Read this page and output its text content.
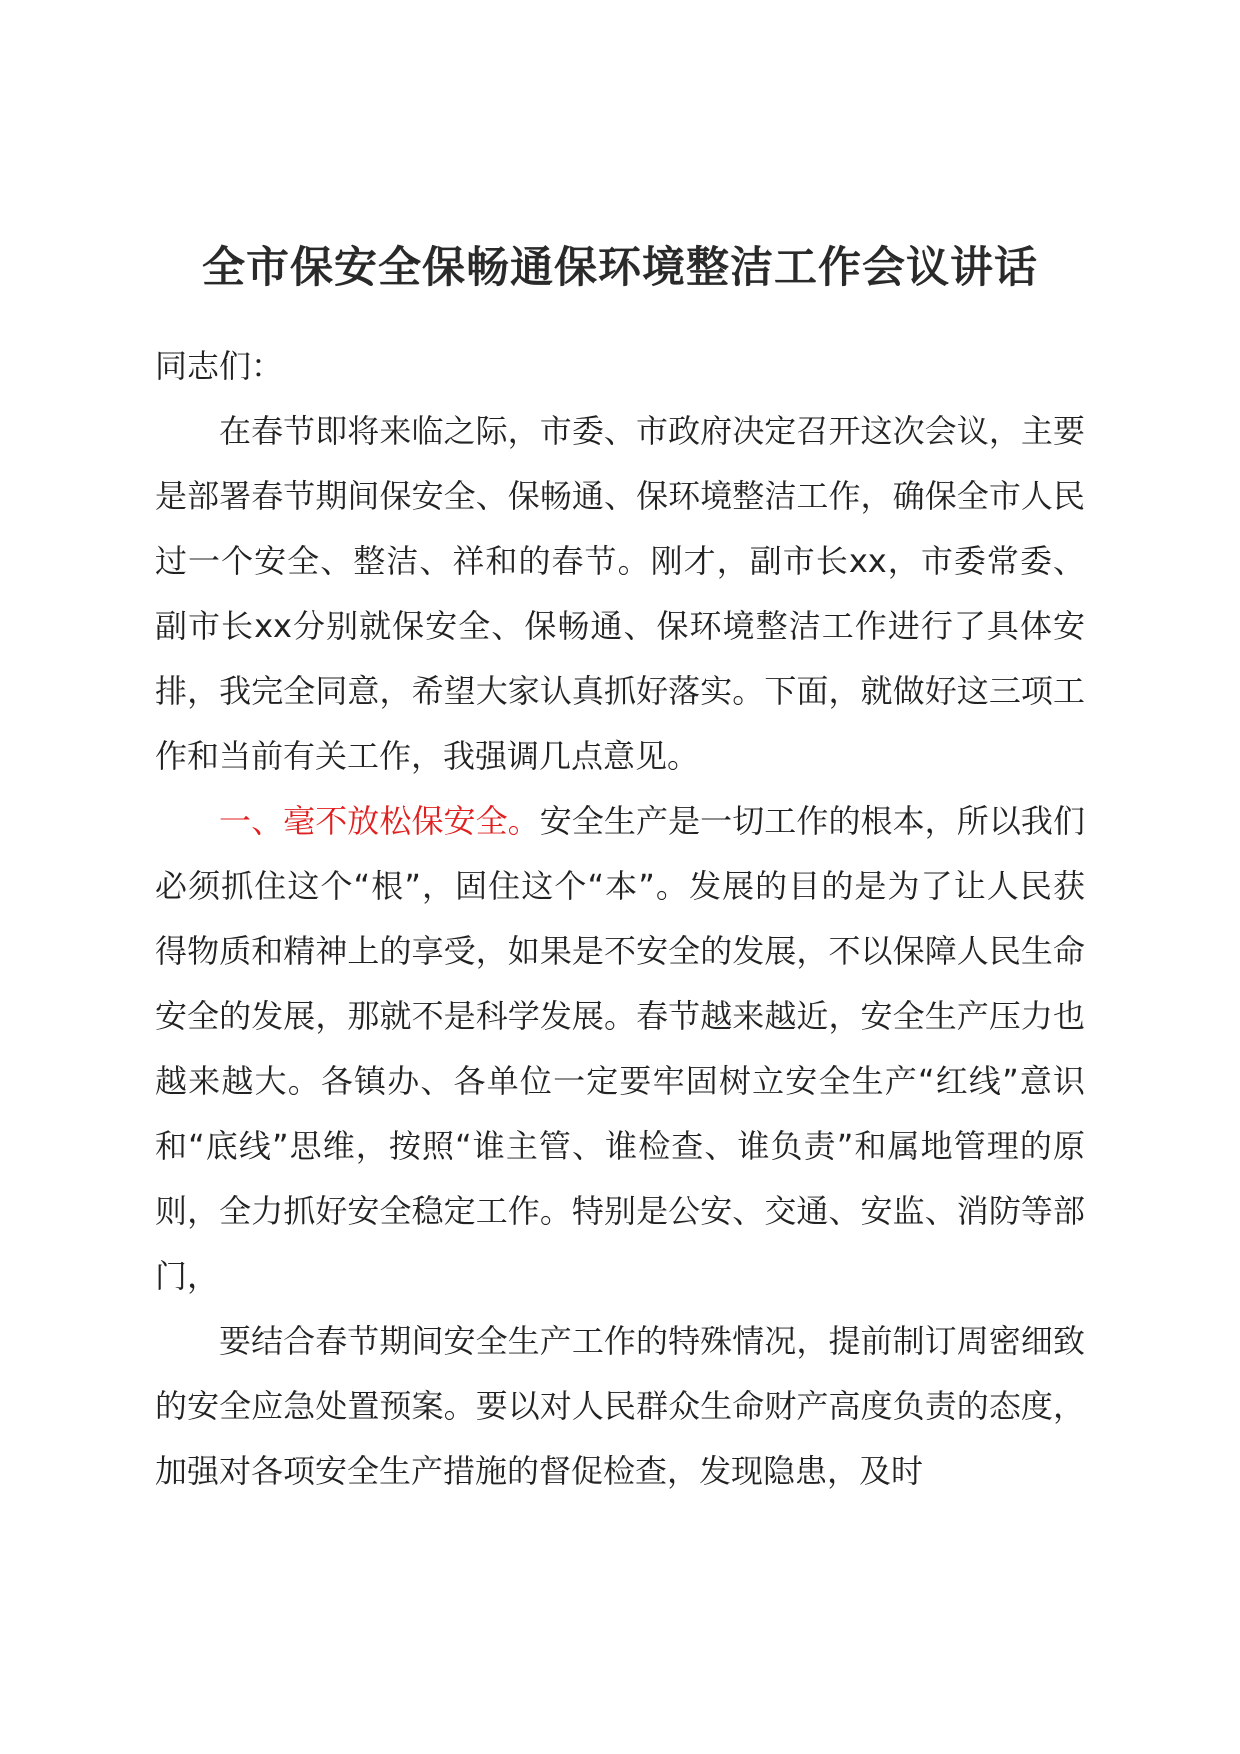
全市保安全保畅通保环境整洁工作会议讲话

同志们：

在春节即将来临之际，市委、市政府决定召开这次会议，主要是部署春节期间保安全、保畅通、保环境整洁工作，确保全市人民过一个安全、整洁、祥和的春节。刚才，副市长xx，市委常委、副市长xx分别就保安全、保畅通、保环境整洁工作进行了具体安排，我完全同意，希望大家认真抓好落实。下面，就做好这三项工作和当前有关工作，我强调几点意见。

一、毫不放松保安全。安全生产是一切工作的根本，所以我们必须抓住这个“根”，固住这个“本”。发展的目的是为了让人民获得物质和精神上的享受，如果是不安全的发展，不以保障人民生命安全的发展，那就不是科学发展。春节越来越近，安全生产压力也越来越大。各镇办、各单位一定要牢固树立安全生产“红线”意识和“底线”思维，按照“谁主管、谁检查、谁负责”和属地管理的原则，全力抓好安全稳定工作。特别是公安、交通、安监、消防等部门，

要结合春节期间安全生产工作的特殊情况，提前制订周密细致的安全应急处置预案。要以对人民群众生命财产高度负责的态度，加强对各项安全生产措施的督促检查，发现隐患，及时
